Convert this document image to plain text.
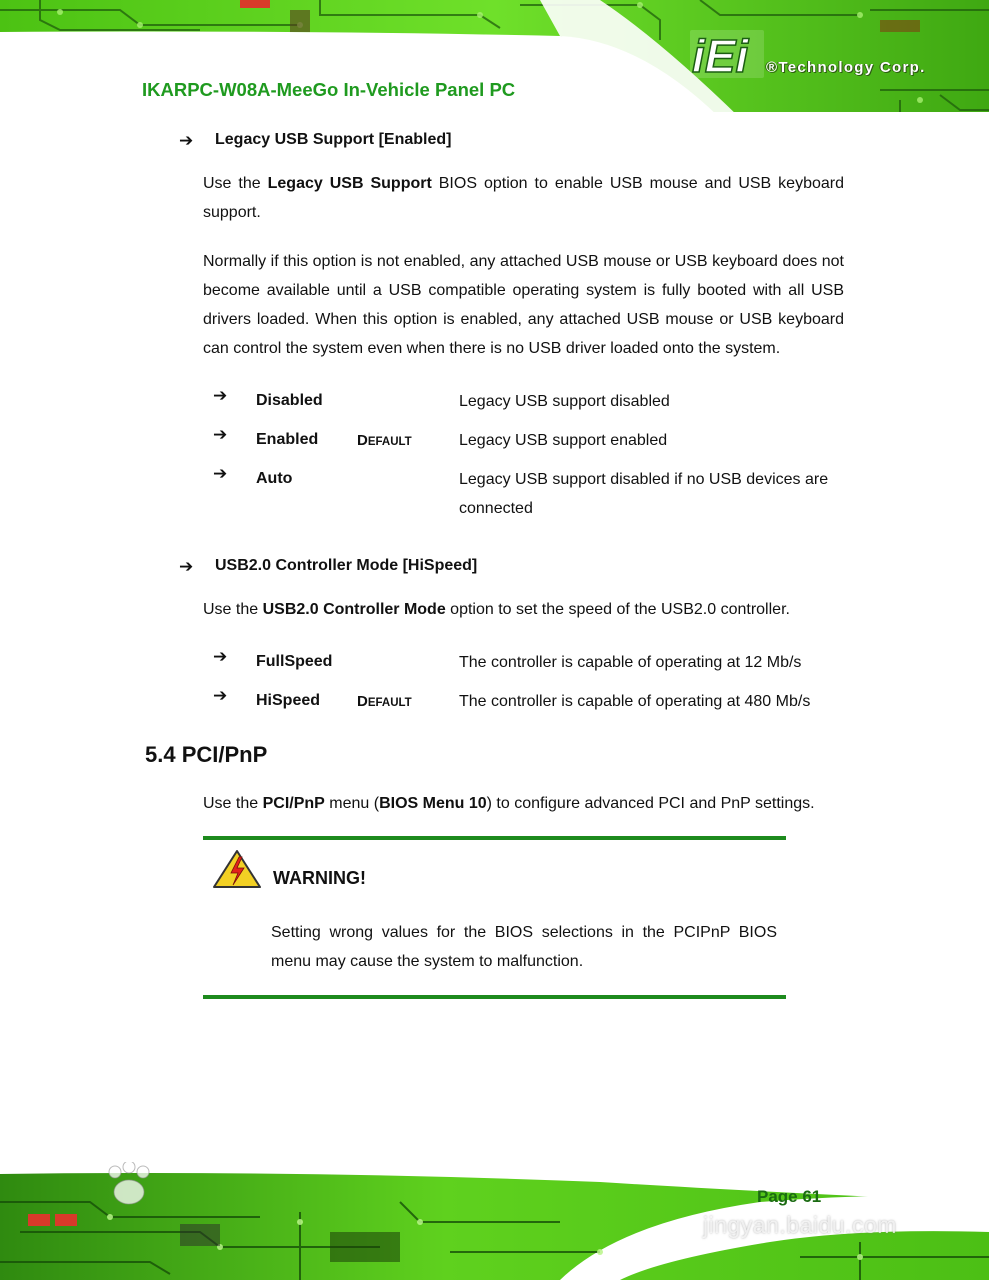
IKARPC-W08A-MeeGo In-Vehicle Panel PC
iEi ®Technology Corp.
➔ Legacy USB Support [Enabled]
Use the Legacy USB Support BIOS option to enable USB mouse and USB keyboard support.
Normally if this option is not enabled, any attached USB mouse or USB keyboard does not become available until a USB compatible operating system is fully booted with all USB drivers loaded. When this option is enabled, any attached USB mouse or USB keyboard can control the system even when there is no USB driver loaded onto the system.
➔ Disabled	Legacy USB support disabled
➔ Enabled	DEFAULT	Legacy USB support enabled
➔ Auto	Legacy USB support disabled if no USB devices are connected
➔ USB2.0 Controller Mode [HiSpeed]
Use the USB2.0 Controller Mode option to set the speed of the USB2.0 controller.
➔ FullSpeed	The controller is capable of operating at 12 Mb/s
➔ HiSpeed DEFAULT	The controller is capable of operating at 480 Mb/s
5.4 PCI/PnP
Use the PCI/PnP menu (BIOS Menu 10) to configure advanced PCI and PnP settings.
WARNING!
Setting wrong values for the BIOS selections in the PCIPnP BIOS menu may cause the system to malfunction.
Page 61
jingyan.baidu.com
